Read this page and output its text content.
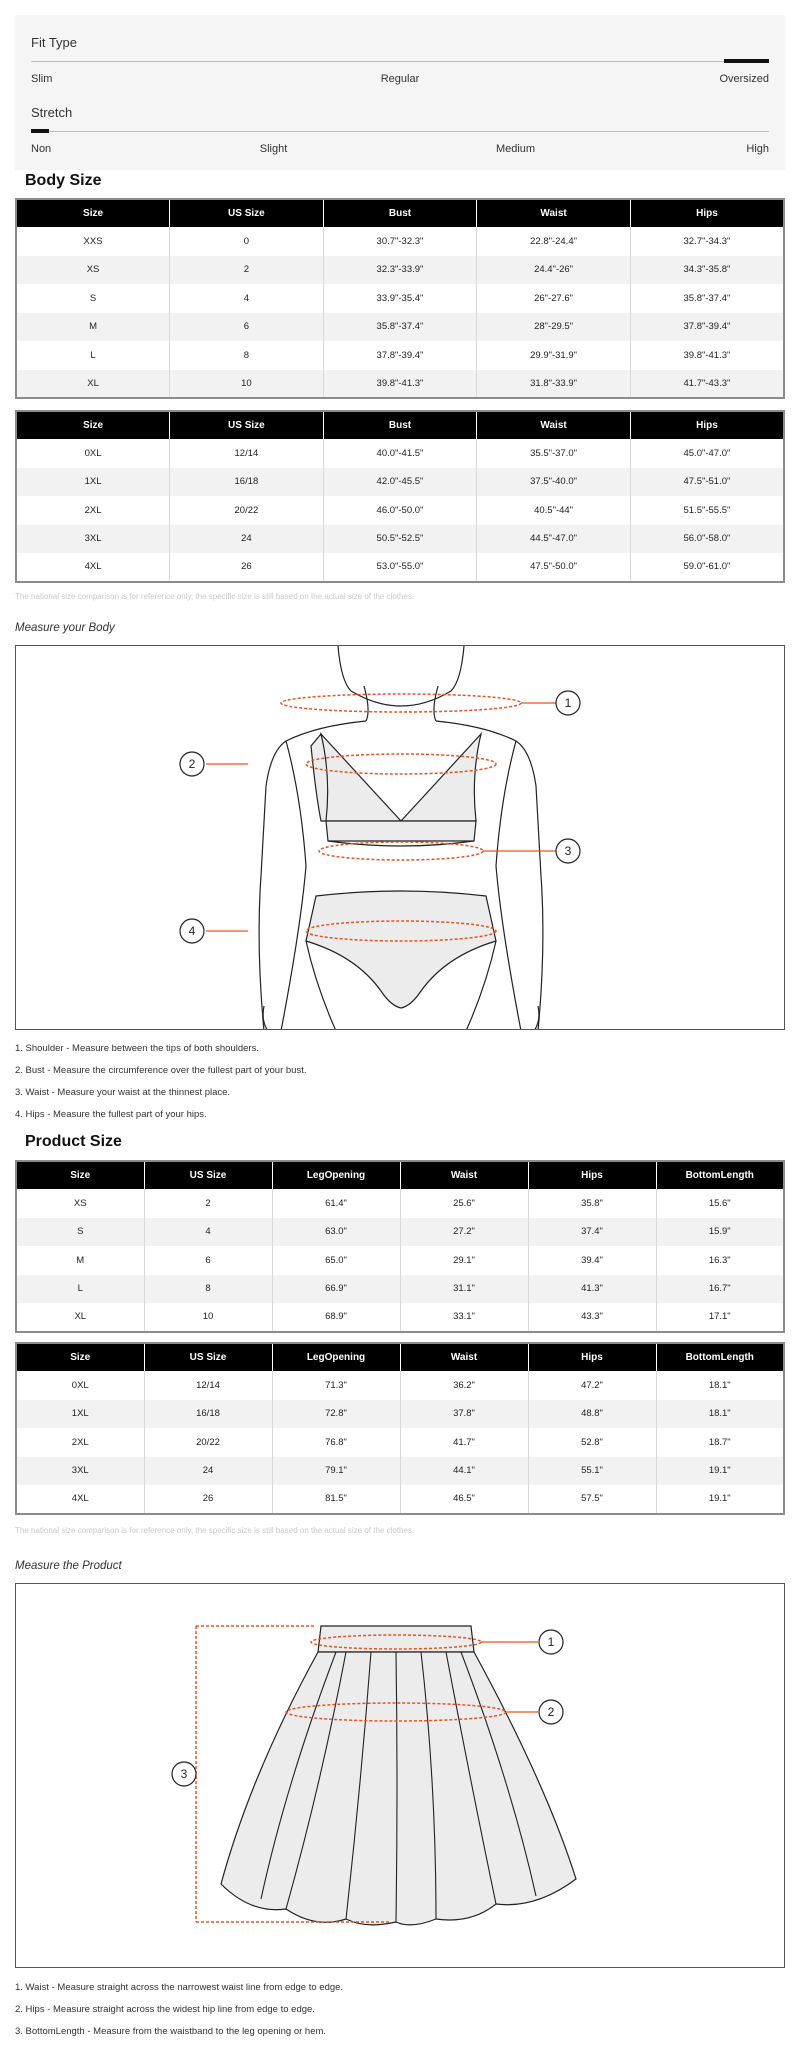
Fit Type
Slim	Regular	Oversized
Stretch
Non	Slight	Medium	High
Body Size
Size	US Size	Bust	Waist	Hips
XXS	0	30.7"-32.3"	22.8"-24.4"	32.7"-34.3"
XS	2	32.3"-33.9"	24.4"-26"	34.3"-35.8"
S	4	33.9"-35.4"	26"-27.6"	35.8"-37.4"
M	6	35.8"-37.4"	28"-29.5"	37.8"-39.4"
L	8	37.8"-39.4"	29.9"-31.9"	39.8"-41.3"
XL	10	39.8"-41.3"	31.8"-33.9"	41.7"-43.3"
Size	US Size	Bust	Waist	Hips
0XL	12/14	40.0"-41.5"	35.5"-37.0"	45.0"-47.0"
1XL	16/18	42.0"-45.5"	37.5"-40.0"	47.5"-51.0"
2XL	20/22	46.0"-50.0"	40.5"-44"	51.5"-55.5"
3XL	24	50.5"-52.5"	44.5"-47.0"	56.0"-58.0"
4XL	26	53.0"-55.0"	47.5"-50.0"	59.0"-61.0"
The national size comparison is for reference only, the specific size is still based on the actual size of the clothes.
Measure your Body
1
2
3
4
1. Shoulder - Measure between the tips of both shoulders.
2. Bust - Measure the circumference over the fullest part of your bust.
3. Waist - Measure your waist at the thinnest place.
4. Hips - Measure the fullest part of your hips.
Product Size
Size	US Size	LegOpening	Waist	Hips	BottomLength
XS	2	61.4"	25.6"	35.8"	15.6"
S	4	63.0"	27.2"	37.4"	15.9"
M	6	65.0"	29.1"	39.4"	16.3"
L	8	66.9"	31.1"	41.3"	16.7"
XL	10	68.9"	33.1"	43.3"	17.1"
Size	US Size	LegOpening	Waist	Hips	BottomLength
0XL	12/14	71.3"	36.2"	47.2"	18.1"
1XL	16/18	72.8"	37.8"	48.8"	18.1"
2XL	20/22	76.8"	41.7"	52.8"	18.7"
3XL	24	79.1"	44.1"	55.1"	19.1"
4XL	26	81.5"	46.5"	57.5"	19.1"
The national size comparison is for reference only, the specific size is still based on the actual size of the clothes.
Measure the Product
1
2
3
1. Waist - Measure straight across the narrowest waist line from edge to edge.
2. Hips - Measure straight across the widest hip line from edge to edge.
3. BottomLength - Measure from the waistband to the leg opening or hem.
